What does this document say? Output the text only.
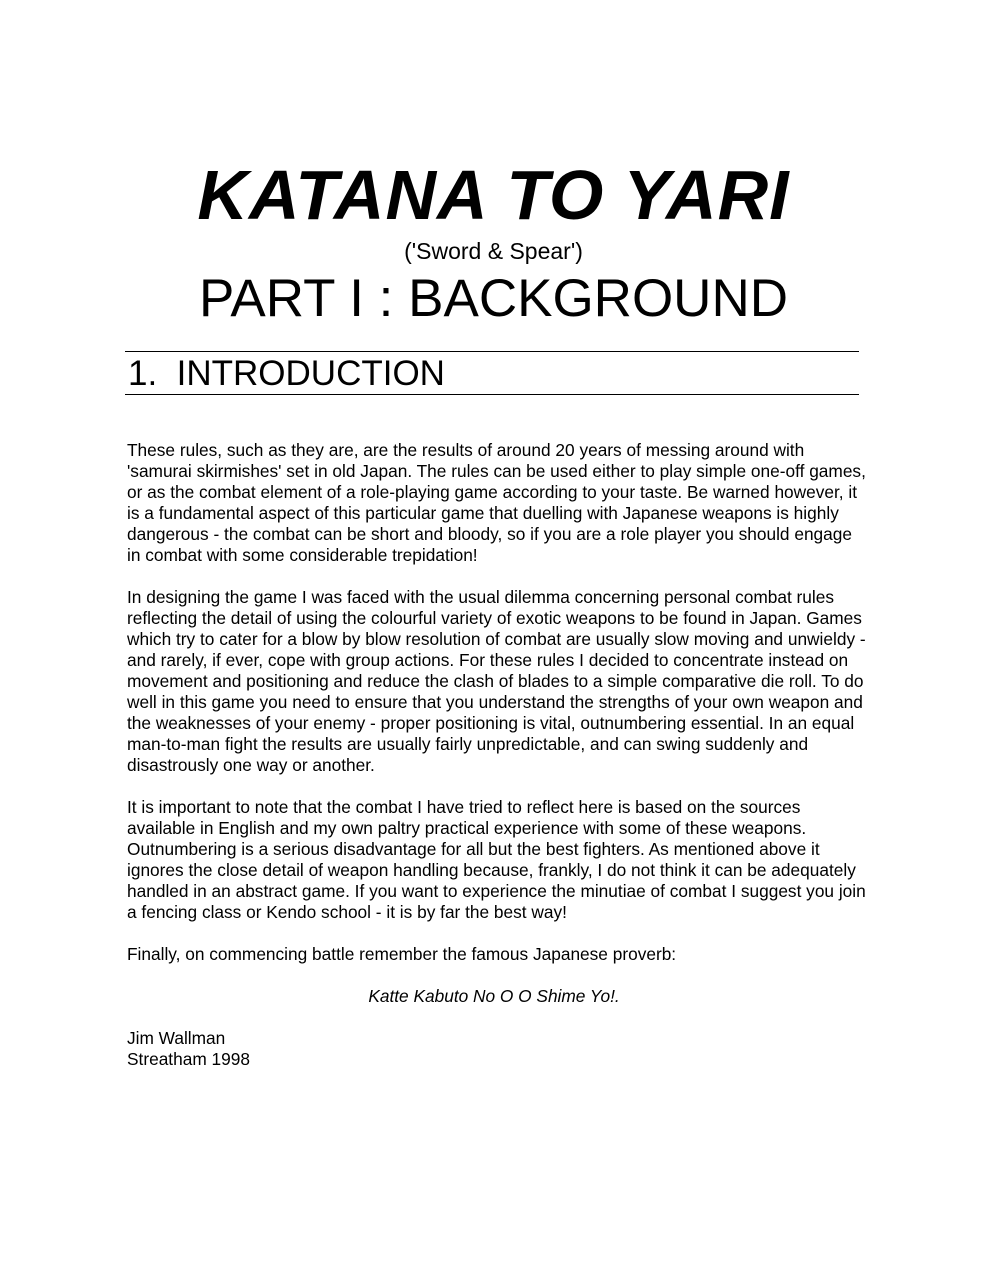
KATANA TO YARI
('Sword & Spear')
PART I : BACKGROUND
1.  INTRODUCTION

These rules, such as they are, are the results of around 20 years of messing around with 'samurai skirmishes' set in old Japan. The rules can be used either to play simple one-off games, or as the combat element of a role-playing game according to your taste. Be warned however, it is a fundamental aspect of this particular game that duelling with Japanese weapons is highly dangerous - the combat can be short and bloody, so if you are a role player you should engage in combat with some considerable trepidation!

In designing the game I was faced with the usual dilemma concerning personal combat rules reflecting the detail of using the colourful variety of exotic weapons to be found in Japan. Games which try to cater for a blow by blow resolution of combat are usually slow moving and unwieldy - and rarely, if ever, cope with group actions. For these rules I decided to concentrate instead on movement and positioning and reduce the clash of blades to a simple comparative die roll. To do well in this game you need to ensure that you understand the strengths of your own weapon and the weaknesses of your enemy - proper positioning is vital, outnumbering essential. In an equal man-to-man fight the results are usually fairly unpredictable, and can swing suddenly and disastrously one way or another.

It is important to note that the combat I have tried to reflect here is based on the sources available in English and my own paltry practical experience with some of these weapons. Outnumbering is a serious disadvantage for all but the best fighters. As mentioned above it ignores the close detail of weapon handling because, frankly, I do not think it can be adequately handled in an abstract game. If you want to experience the minutiae of combat I suggest you join a fencing class or Kendo school - it is by far the best way!

Finally, on commencing battle remember the famous Japanese proverb:

Katte Kabuto No O O Shime Yo!.

Jim Wallman

Streatham 1998
